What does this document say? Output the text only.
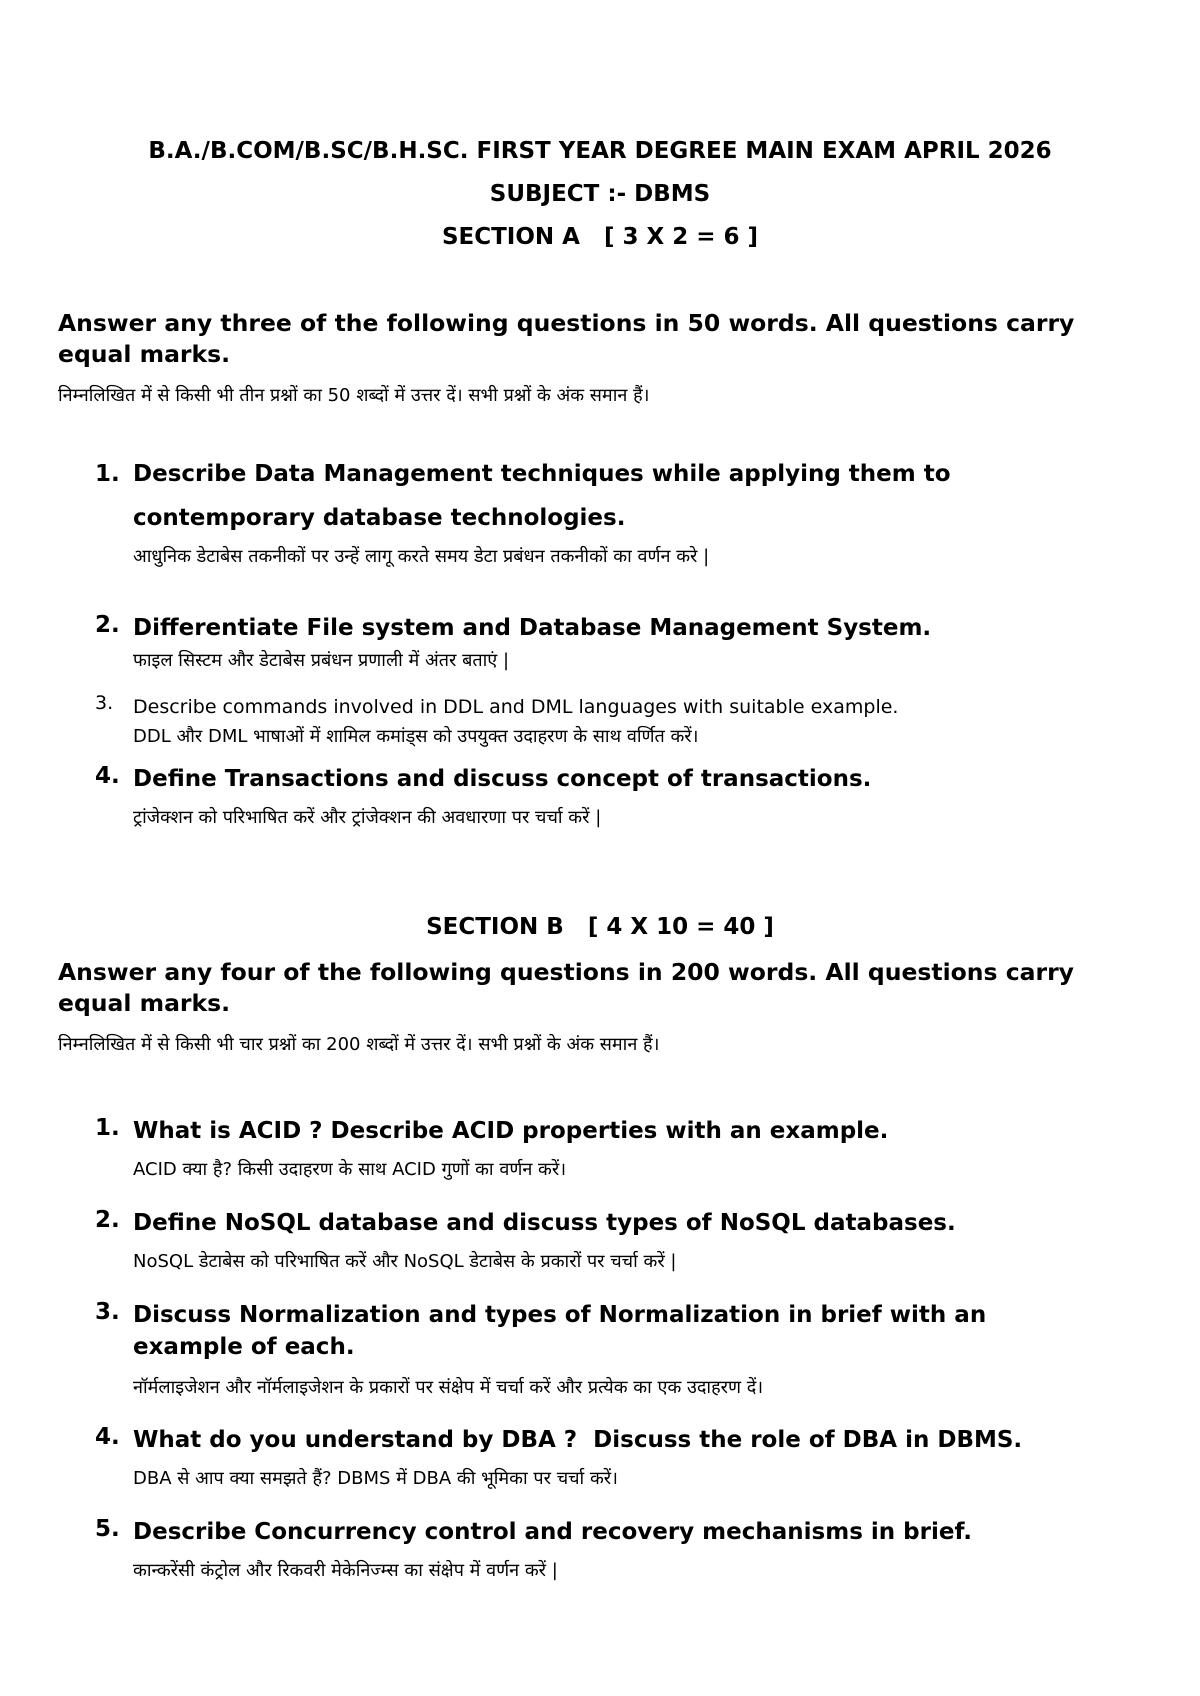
B.A./B.COM/B.SC/B.H.SC. FIRST YEAR DEGREE MAIN EXAM APRIL 2026

SUBJECT :- DBMS

SECTION A   [ 3 X 2 = 6 ]

Answer any three of the following questions in 50 words. All questions carry equal marks.

निम्नलिखित में से किसी भी तीन प्रश्नों का 50 शब्दों में उत्तर दें। सभी प्रश्नों के अंक समान हैं।

1. Describe Data Management techniques while applying them to contemporary database technologies.
आधुनिक डेटाबेस तकनीकों पर उन्हें लागू करते समय डेटा प्रबंधन तकनीकों का वर्णन करे |
2. Differentiate File system and Database Management System.
फाइल सिस्टम और डेटाबेस प्रबंधन प्रणाली में अंतर बताएं |
3. Describe commands involved in DDL and DML languages with suitable example.
DDL और DML भाषाओं में शामिल कमांड्स को उपयुक्त उदाहरण के साथ वर्णित करें।
4. Define Transactions and discuss concept of transactions.
ट्रांजेक्शन को परिभाषित करें और ट्रांजेक्शन की अवधारणा पर चर्चा करें |

SECTION B   [ 4 X 10 = 40 ]

Answer any four of the following questions in 200 words. All questions carry equal marks.

निम्नलिखित में से किसी भी चार प्रश्नों का 200 शब्दों में उत्तर दें। सभी प्रश्नों के अंक समान हैं।

1. What is ACID ? Describe ACID properties with an example.
ACID क्या है? किसी उदाहरण के साथ ACID गुणों का वर्णन करें।
2. Define NoSQL database and discuss types of NoSQL databases.
NoSQL डेटाबेस को परिभाषित करें और NoSQL डेटाबेस के प्रकारों पर चर्चा करें |
3. Discuss Normalization and types of Normalization in brief with an example of each.
नॉर्मलाइजेशन और नॉर्मलाइजेशन के प्रकारों पर संक्षेप में चर्चा करें और प्रत्येक का एक उदाहरण दें।
4. What do you understand by DBA ?  Discuss the role of DBA in DBMS.
DBA से आप क्या समझते हैं? DBMS में DBA की भूमिका पर चर्चा करें।
5. Describe Concurrency control and recovery mechanisms in brief.
कान्करेंसी कंट्रोल और रिकवरी मेकेनिज्म्स का संक्षेप में वर्णन करें |
